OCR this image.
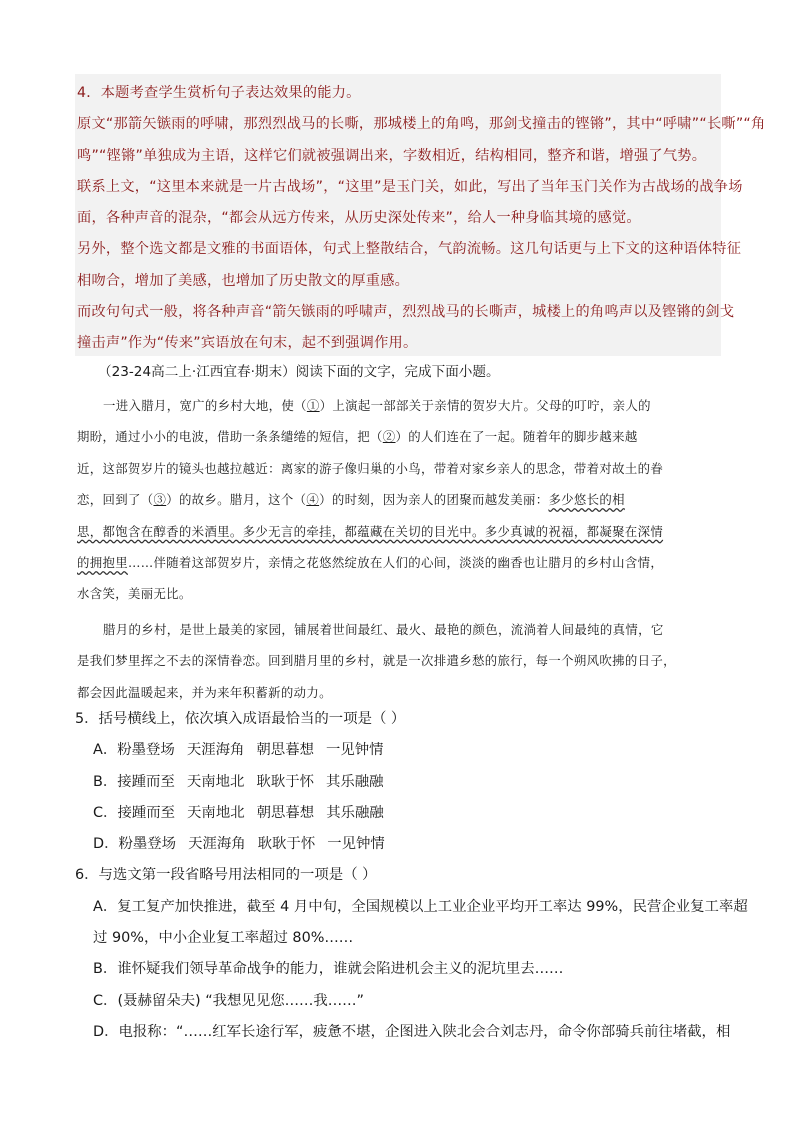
4．本题考查学生赏析句子表达效果的能力。

原文“那箭矢镞雨的呼啸，那烈烈战马的长嘶，那城楼上的角鸣，那剑戈撞击的铿锵”，其中“呼啸”“长嘶”“角

鸣”“铿锵”单独成为主语，这样它们就被强调出来，字数相近，结构相同，整齐和谐，增强了气势。

联系上文，“这里本来就是一片古战场”，“这里”是玉门关，如此，写出了当年玉门关作为古战场的战争场

面，各种声音的混杂，“都会从远方传来，从历史深处传来”，给人一种身临其境的感觉。

另外，整个选文都是文雅的书面语体，句式上整散结合，气韵流畅。这几句话更与上下文的这种语体特征

相吻合，增加了美感，也增加了历史散文的厚重感。

而改句句式一般，将各种声音“箭矢镞雨的呼啸声，烈烈战马的长嘶声，城楼上的角鸣声以及铿锵的剑戈

撞击声”作为“传来”宾语放在句末，起不到强调作用。

（23-24高二上·江西宜春·期末）阅读下面的文字，完成下面小题。

一进入腊月，宽广的乡村大地，使（①）上演起一部部关于亲情的贺岁大片。父母的叮咛，亲人的

期盼，通过小小的电波，借助一条条缱绻的短信，把（②）的人们连在了一起。随着年的脚步越来越

近，这部贺岁片的镜头也越拉越近：离家的游子像归巢的小鸟，带着对家乡亲人的思念，带着对故土的眷

恋，回到了（③）的故乡。腊月，这个（④）的时刻，因为亲人的团聚而越发美丽：多少悠长的相

思，都饱含在醇香的米酒里。多少无言的牵挂，都蕴藏在关切的目光中。多少真诚的祝福，都凝聚在深情

的拥抱里……伴随着这部贺岁片，亲情之花悠然绽放在人们的心间，淡淡的幽香也让腊月的乡村山含情，

水含笑，美丽无比。

腊月的乡村，是世上最美的家园，铺展着世间最红、最火、最艳的颜色，流淌着人间最纯的真情，它

是我们梦里挥之不去的深情眷恋。回到腊月里的乡村，就是一次排遣乡愁的旅行，每一个朔风吹拂的日子，

都会因此温暖起来，并为来年积蓄新的动力。

5．括号横线上，依次填入成语最恰当的一项是（ ）

A．粉墨登场 天涯海角 朝思暮想 一见钟情

B．接踵而至 天南地北 耿耿于怀 其乐融融

C．接踵而至 天南地北 朝思暮想 其乐融融

D．粉墨登场 天涯海角 耿耿于怀 一见钟情

6．与选文第一段省略号用法相同的一项是（ ）

A．复工复产加快推进，截至 4 月中旬，全国规模以上工业企业平均开工率达 99%，民营企业复工率超

过 90%，中小企业复工率超过 80%……

B．谁怀疑我们领导革命战争的能力，谁就会陷进机会主义的泥坑里去……

C．(聂赫留朵夫) “我想见见您……我……”

D．电报称：“……红军长途行军，疲惫不堪，企图进入陕北会合刘志丹，命令你部骑兵前往堵截，相
